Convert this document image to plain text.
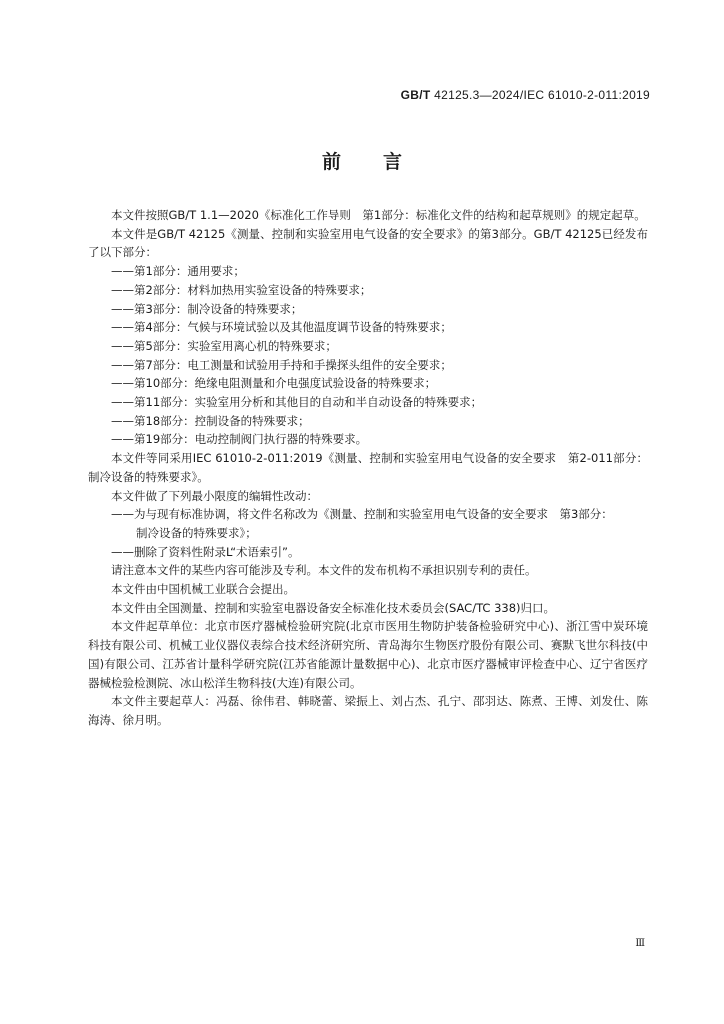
GB/T 42125.3—2024/IEC 61010-2-011:2019
前言

本文件按照GB/T 1.1—2020《标准化工作导则　第1部分：标准化文件的结构和起草规则》的规定起草。

本文件是GB/T 42125《测量、控制和实验室用电气设备的安全要求》的第3部分。GB/T 42125已经发布了以下部分：

——第1部分：通用要求；

——第2部分：材料加热用实验室设备的特殊要求；

——第3部分：制冷设备的特殊要求；

——第4部分：气候与环境试验以及其他温度调节设备的特殊要求；

——第5部分：实验室用离心机的特殊要求；

——第7部分：电工测量和试验用手持和手操探头组件的安全要求；

——第10部分：绝缘电阻测量和介电强度试验设备的特殊要求；

——第11部分：实验室用分析和其他目的自动和半自动设备的特殊要求；

——第18部分：控制设备的特殊要求；

——第19部分：电动控制阀门执行器的特殊要求。

本文件等同采用IEC 61010-2-011:2019《测量、控制和实验室用电气设备的安全要求　第2-011部分：制冷设备的特殊要求》。

本文件做了下列最小限度的编辑性改动：

——为与现有标准协调，将文件名称改为《测量、控制和实验室用电气设备的安全要求　第3部分：

制冷设备的特殊要求》；

——删除了资料性附录L“术语索引”。

请注意本文件的某些内容可能涉及专利。本文件的发布机构不承担识别专利的责任。

本文件由中国机械工业联合会提出。

本文件由全国测量、控制和实验室电器设备安全标准化技术委员会(SAC/TC 338)归口。

本文件起草单位：北京市医疗器械检验研究院(北京市医用生物防护装备检验研究中心)、浙江雪中炭环境科技有限公司、机械工业仪器仪表综合技术经济研究所、青岛海尔生物医疗股份有限公司、赛默飞世尔科技(中国)有限公司、江苏省计量科学研究院(江苏省能源计量数据中心)、北京市医疗器械审评检查中心、辽宁省医疗器械检验检测院、冰山松洋生物科技(大连)有限公司。

本文件主要起草人：冯磊、徐伟君、韩晓蕾、梁振上、刘占杰、孔宁、邵羽达、陈煮、王博、刘发仕、陈海涛、徐月明。

Ⅲ
